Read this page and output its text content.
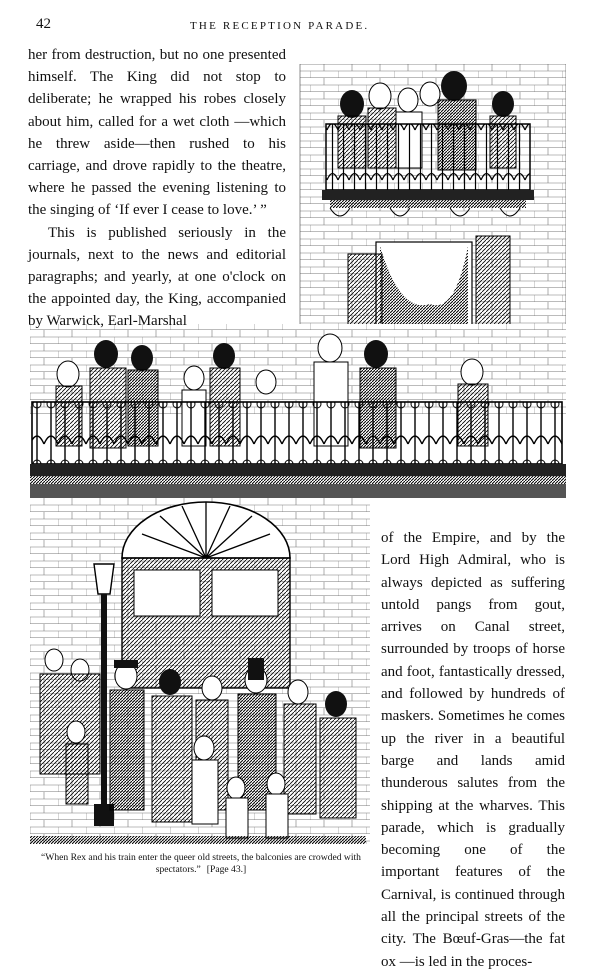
42	THE RECEPTION PARADE.

her from destruction, but no one presented himself. The King did not stop to deliberate; he wrapped his robes closely about him, called for a wet cloth —which he threw aside—then rushed to his carriage, and drove rapidly to the theatre, where he passed the evening listening to the singing of ‘If ever I cease to love.’ ”

This is published seriously in the journals, next to the news and editorial paragraphs; and yearly, at one o'clock on the appointed day, the King, accompanied by Warwick, Earl-Marshal

of the Empire, and by the Lord High Admiral, who is always depicted as suffering untold pangs from gout, arrives on Canal street, surrounded by troops of horse and foot, fantastically dressed, and followed by hundreds of maskers. Sometimes he comes up the river in a beautiful barge and lands amid thunderous salutes from the shipping at the wharves. This parade, which is gradually becoming one of the important features of the Carnival, is continued through all the principal streets of the city. The Bœuf-Gras—the fat ox —is led in the proces-

“When Rex and his train enter the queer old streets, the balconies are crowded with spectators.” [Page 43.]
